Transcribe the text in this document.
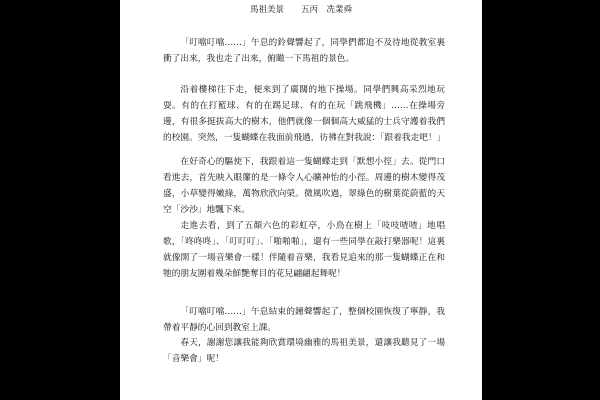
馬祖美景　　五丙　冼業舜

「叮噹叮噹……」午息的鈴聲響起了，同學們都迫不及待地從教室裏衝了出來，我也走了出來，俯瞰一下馬祖的景色。

沿着樓梯往下走，便來到了廣闊的地下操場。同學們興高采烈地玩耍。有的在打籃球、有的在踢足球、有的在玩「跳飛機」……在操場旁邊，有很多挺拔高大的樹木，他們就像一個個高大威猛的士兵守護着我們的校園。突然，一隻蝴蝶在我面前飛過，彷彿在對我說：「跟着我走吧！」

在好奇心的驅使下，我跟着這一隻蝴蝶走到「默想小徑」去。從門口看進去，首先映入眼簾的是一條令人心曠神怡的小徑。周邊的樹木變得茂盛，小草變得嫩綠，萬物欣欣向榮。微風吹過，翠綠色的樹葉從蔚藍的天空「沙沙」地飄下來。

走進去看，到了五顏六色的彩虹亭，小鳥在樹上「吱吱喳喳」地唱歌，「咚咚咚」、「叮叮叮」、「啪啪啪」，還有一些同學在敲打樂器呢！這裏就像開了一場音樂會一樣！伴隨着音樂，我看見追來的那一隻蝴蝶正在和牠的朋友圍着幾朵鮮艷奪目的花兒翩翩起舞呢！

「叮噹叮噹……」午息結束的鐘聲響起了，整個校園恢復了寧靜，我帶着平靜的心回到教室上課。

春天，謝謝您讓我能夠欣賞環境幽雅的馬祖美景，還讓我聽見了一場「音樂會」呢！
